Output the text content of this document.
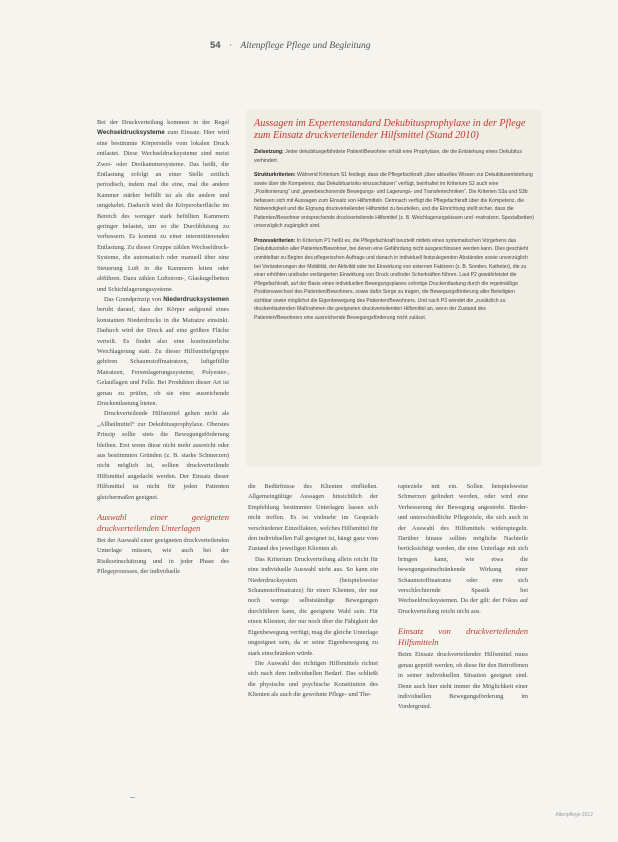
54 · Altenpflege Pflege und Begleitung

Bei der Druckverteilung kommen in der Regel Wechseldrucksysteme zum Einsatz. Hier wird eine bestimmte Körperstelle vom lokalen Druck entlastet. Diese Wechseldrucksysteme sind meist Zwei- oder Dreikammersysteme. Das heißt, die Entlastung erfolgt an einer Stelle zeitlich periodisch, indem mal die eine, mal die andere Kammer stärker befüllt ist als die andere und umgekehrt. Dadurch wird die Körperoberfläche im Bereich des weniger stark befüllten Kammern geringer belastet, um so die Durchblutung zu verbessern. Es kommt zu einer intermittierenden Entlastung. Zu dieser Gruppe zählen Wechseldruck-Systeme, die automatisch oder manuell über eine Steuerung Luft in die Kammern leiten oder abführen. Dazu zählen Luftstrom-, Glaskugelbetten und Schichtlagerungssysteme.

Das Grundprinzip von Niederdrucksystemen beruht darauf, dass der Körper aufgrund eines konstanten Niederdrucks in die Matratze einsinkt. Dadurch wird der Druck auf eine größere Fläche verteilt. Es findet also eine kontinuierliche Weichlagerung statt. Zu dieser Hilfsmittelgruppe gehören Schaumstoffmatratzen, luftgefüllte Matratzen, Fersenlagerungssysteme, Polyester-, Gelauflagen und Felle. Bei Produkten dieser Art ist genau zu prüfen, ob sie eine ausreichende Druckentlastung bieten.

Druckverteilende Hilfsmittel gelten nicht als „Allheilmittel“ zur Dekubitusprophylaxe. Oberstes Prinzip sollte stets die Bewegungsförderung bleiben. Erst wenn diese nicht mehr ausreicht oder aus bestimmten Gründen (z. B. starke Schmerzen) nicht möglich ist, sollten druckverteilende Hilfsmittel angedacht werden. Der Einsatz dieser Hilfsmittel ist nicht für jeden Patienten gleichermaßen geeignet.

Auswahl einer geeigneten druckverteilenden Unterlagen

Bei der Auswahl einer geeigneten druckverteilenden Unterlage müssen, wie auch bei der Risikoeinschätzung und in jeder Phase des Pflegeprozesses, der individuelle

Aussagen im Expertenstandard Dekubitusprophylaxe in der Pflege zum Einsatz druckverteilender Hilfsmittel (Stand 2010)

Zielsetzung: Jeder dekubitusgefährdete Patient/Bewohner erhält eine Prophylaxe, die die Entstehung eines Dekubitus verhindert.

Strukturkriterien: Während Kriterium S1 festlegt, dass die Pflegefachkraft „über aktuelles Wissen zur Dekubitusentstehung sowie über die Kompetenz, das Dekubitusrisiko einzuschätzen“ verfügt, beinhaltet im Kriterium S2 auch eine „Positionierung“ und „gewebeschonende Bewegungs- und Lagerungs- und Transfertechniken“. Die Kriterien S3a und S3b befassen sich mit Aussagen zum Einsatz von Hilfsmitteln. Demnach verfügt die Pflegefachkraft über die Kompetenz, die Notwendigkeit und die Eignung druckverteilender Hilfsmittel zu beurteilen, und die Einrichtung stellt sicher, dass die Patienten/Bewohner entsprechende druckverteilende Hilfsmittel (z. B. Weichlagerungskissen und -matratzen, Spezialbetten) unverzüglich zugänglich sind.

Prozesskriterien: In Kriterium P1 heißt es, die Pflegefachkraft beurteilt mittels eines systematischen Vorgehens das Dekubitusrisiko aller Patienten/Bewohner, bei denen eine Gefährdung nicht ausgeschlossen werden kann. Dies geschieht unmittelbar zu Beginn des pflegerischen Auftrags und danach in individuell festzulegenden Abständen sowie unverzüglich bei Veränderungen der Mobilität, der Aktivität oder bei Einwirkung von externen Faktoren (z. B. Sonden, Katheter), die zu einer erhöhten und/oder verlängerten Einwirkung von Druck und/oder Scherkräften führen. Laut P2 gewährleistet die Pflegefachkraft, auf der Basis eines individuellen Bewegungsplanes sofortige Druckentlastung durch die regelmäßige Positionswechsel des Patienten/Bewohners, sowie dafür Sorge zu tragen, die Bewegungsförderung aller Beteiligten sichtbar sowie möglichst die Eigenbewegung des Patienten/Bewohners. Und nach P3 wendet die „zusätzlich zu druckentlastenden Maßnahmen die geeigneten druckverteilenden Hilfsmittel an, wenn der Zustand des Patienten/Bewohners eine ausreichende Bewegungsförderung nicht zulässt.

die Bedürfnisse des Klienten einfließen. Allgemeingültige Aussagen hinsichtlich der Empfehlung bestimmter Unterlagen lassen sich nicht treffen. Es ist vielmehr im Gespräch verschiedener Einzelfakten, welches Hilfsmittel für den individuellen Fall geeignet ist, hängt ganz vom Zustand des jeweiligen Klienten ab.

Das Kriterium Druckverteilung allein reicht für eine individuelle Auswahl nicht aus. So kann ein Niederdrucksystem (beispielsweise Schaumstoffmatratze) für einen Klienten, der nur noch wenige selbstständige Bewegungen durchführen kann, die geeignete Wahl sein. Für einen Klienten, der nur noch über die Fähigkeit der Eigenbewegung verfügt, mag die gleiche Unterlage ungeeignet sein, da er seine Eigenbewegung zu stark einschränken würde.

Die Auswahl des richtigen Hilfsmittels richtet sich nach dem individuellen Bedarf. Das schließt die physische und psychische Konstitution des Klienten als auch die gewohnte Pflege- und The-

rapieziele mit ein. Sollen beispielsweise Schmerzen gelindert werden, oder wird eine Verbesserung der Bewegung angestrebt. Bieder- und unterschiedliche Pflegeziele, die sich auch in der Auswahl des Hilfsmittels widerspiegeln. Darüber hinaus sollten mögliche Nachteile berücksichtigt werden, die eine Unterlage mit sich bringen kann, wie etwa die bewegungseinschränkende Wirkung einer Schaumstoffmatratze oder eine sich verschlechternde Spastik bei Wechseldrucksystemen. Da der gilt: der Fokus auf Druckverteilung reicht nicht aus.

Einsatz von druckverteilenden Hilfsmitteln

Beim Einsatz druckverteilender Hilfsmittel muss genau geprüft werden, ob diese für den Betroffenen in seiner individuellen Situation geeignet sind. Denn auch hier steht immer die Möglichkeit einer individuellen Bewegungsförderung im Vordergrund.

Altenpflege 2012
